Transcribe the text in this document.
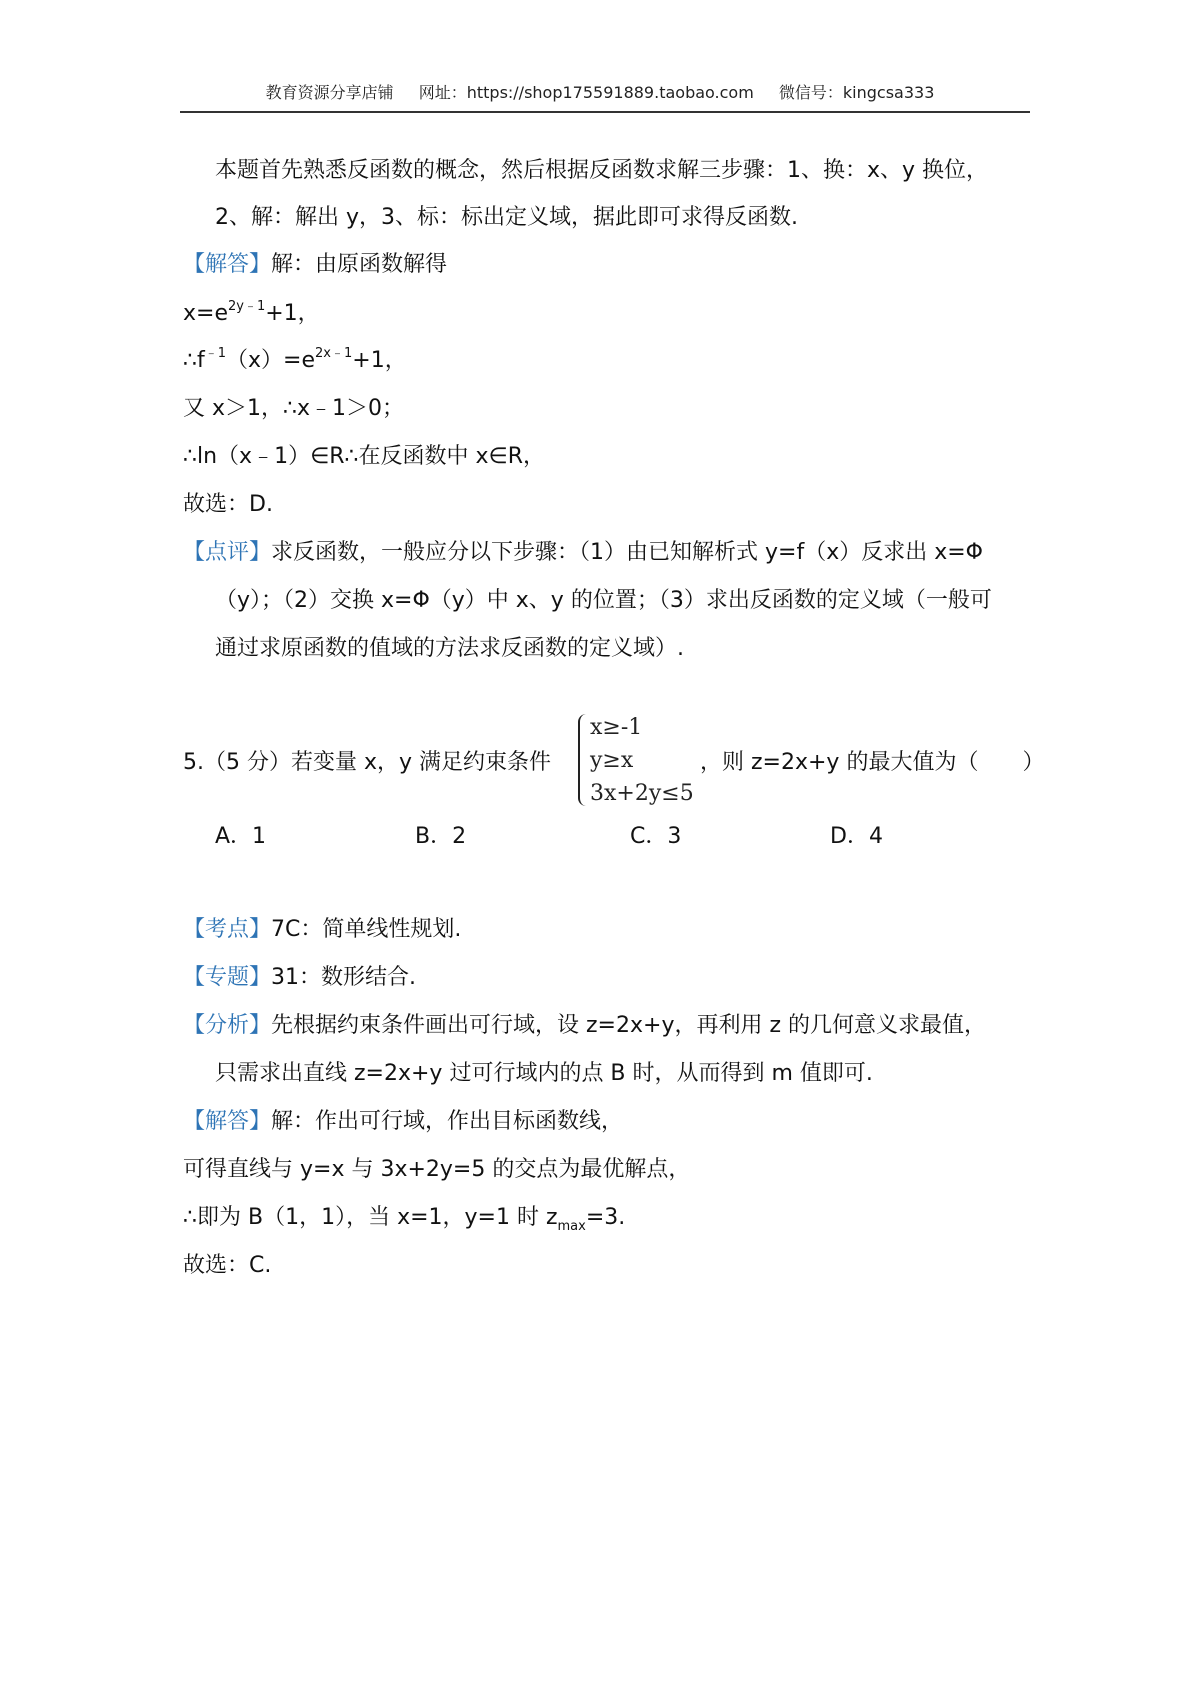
教育资源分享店铺 网址：https://shop175591889.taobao.com 微信号：kingcsa333
本题首先熟悉反函数的概念，然后根据反函数求解三步骤：1、换：x、y 换位，
2、解：解出 y，3、标：标出定义域，据此即可求得反函数.
【解答】解：由原函数解得
$x=e^{2y﹣1}+1$，
$\therefore f^{﹣1}(x)=e^{2x﹣1}+1$，
又 x＞1，∴x﹣1＞0；
∴ln（x﹣1）∈R∴在反函数中 x∈R，
故选：D.
【点评】求反函数，一般应分以下步骤：（1）由已知解析式 y=f（x）反求出 x=Φ
（y）；（2）交换 x=Φ（y）中 x、y 的位置；（3）求出反函数的定义域（一般可
通过求原函数的值域的方法求反函数的定义域）.
5.（5 分）若变量 x，y 满足约束条件
x≥-1
y≥x
3x+2y≤5
，则 z=2x+y 的最大值为（　　）
A．1	B．2	C．3	D．4
【考点】7C：简单线性规划.
【专题】31：数形结合.
【分析】先根据约束条件画出可行域，设 z=2x+y，再利用 z 的几何意义求最值，
只需求出直线 z=2x+y 过可行域内的点 B 时，从而得到 m 值即可.
【解答】解：作出可行域，作出目标函数线，
可得直线与 y=x 与 3x+2y=5 的交点为最优解点，
∴即为 B（1，1），当 x=1，y=1 时 $z_{max}=3$.
故选：C.
